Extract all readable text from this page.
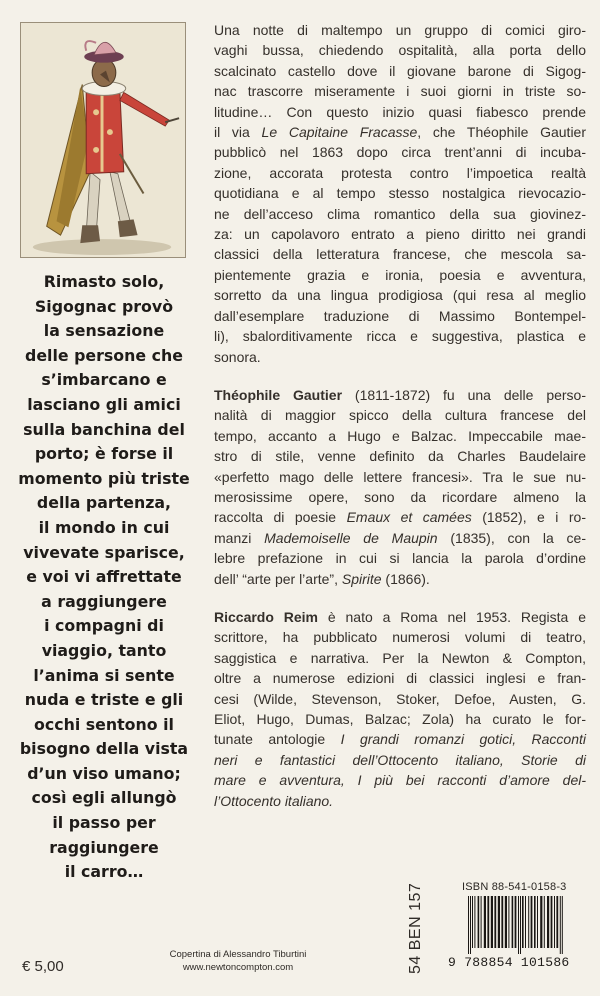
Rimasto solo,
Sigognac provò
la sensazione
delle persone che
s’imbarcano e
lasciano gli amici
sulla banchina del
porto; è forse il
momento più triste
della partenza,
il mondo in cui
vivevate sparisce,
e voi vi affrettate
a raggiungere
i compagni di
viaggio, tanto
l’anima si sente
nuda e triste e gli
occhi sentono il
bisogno della vista
d’un viso umano;
così egli allungò
il passo per
raggiungere
il carro…

Una notte di maltempo un gruppo di comici giro-
vaghi bussa, chiedendo ospitalità, alla porta dello
scalcinato castello dove il giovane barone di Sigog-
nac trascorre miseramente i suoi giorni in triste so-
litudine… Con questo inizio quasi fiabesco prende
il via Le Capitaine Fracasse, che Théophile Gautier
pubblicò nel 1863 dopo circa trent’anni di incuba-
zione, accorata protesta contro l’impoetica realtà
quotidiana e al tempo stesso nostalgica rievocazio-
ne dell’acceso clima romantico della sua giovinez-
za: un capolavoro entrato a pieno diritto nei grandi
classici della letteratura francese, che mescola sa-
pientemente grazia e ironia, poesia e avventura,
sorretto da una lingua prodigiosa (qui resa al meglio
dall’esemplare traduzione di Massimo Bontempel-
li), sbalorditivamente ricca e suggestiva, plastica e
sonora.

Théophile Gautier (1811-1872) fu una delle perso-
nalità di maggior spicco della cultura francese del
tempo, accanto a Hugo e Balzac. Impeccabile mae-
stro di stile, venne definito da Charles Baudelaire
«perfetto mago delle lettere francesi». Tra le sue nu-
merosissime opere, sono da ricordare almeno la
raccolta di poesie Emaux et camées (1852), e i ro-
manzi Mademoiselle de Maupin (1835), con la ce-
lebre prefazione in cui si lancia la parola d’ordine
dell’ “arte per l’arte”, Spirite (1866).

Riccardo Reim è nato a Roma nel 1953. Regista e
scrittore, ha pubblicato numerosi volumi di teatro,
saggistica e narrativa. Per la Newton & Compton,
oltre a numerose edizioni di classici inglesi e fran-
cesi (Wilde, Stevenson, Stoker, Defoe, Austen, G.
Eliot, Hugo, Dumas, Balzac; Zola) ha curato le for-
tunate antologie I grandi romanzi gotici, Racconti
neri e fantastici dell’Ottocento italiano, Storie di
mare e avventura, I più bei racconti d’amore del-
l’Ottocento italiano.

€ 5,00
Copertina di Alessandro Tiburtini
www.newtoncompton.com	54 BEN 157	ISBN 88-541-0158-3
9 788854 101586
